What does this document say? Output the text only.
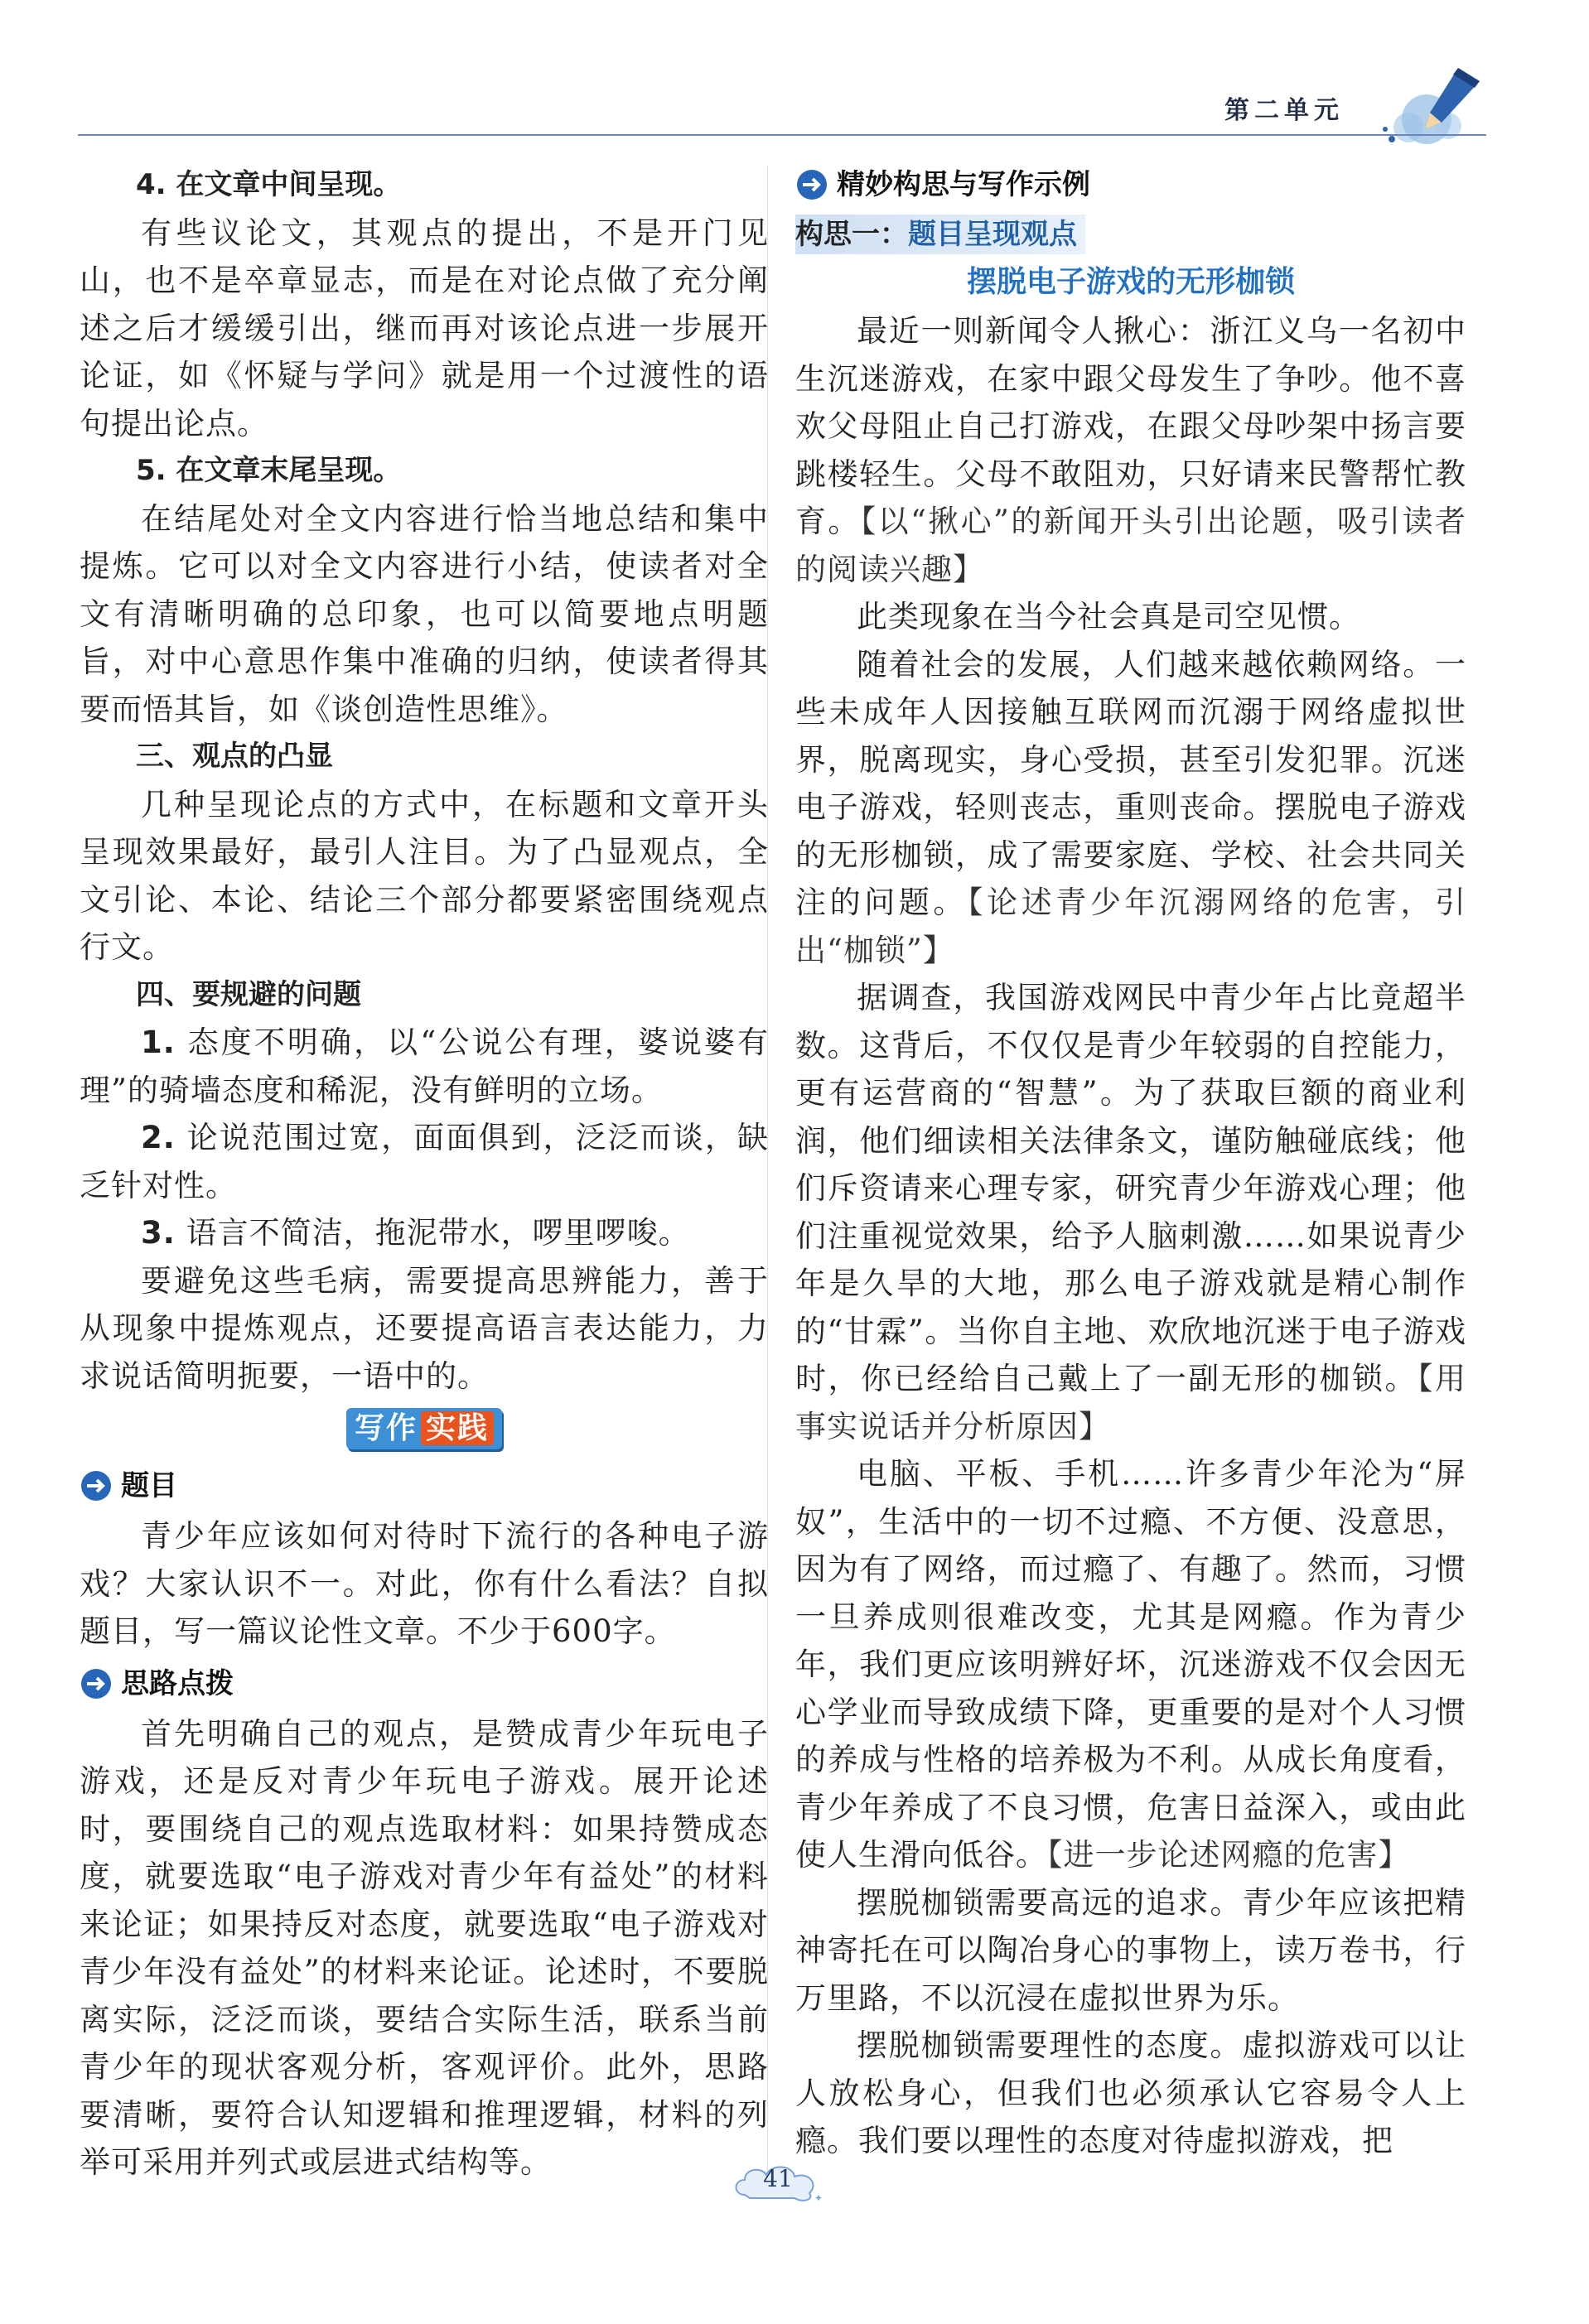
第二单元

4. 在文章中间呈现。

有些议论文，其观点的提出，不是开门见山，也不是卒章显志，而是在对论点做了充分阐述之后才缓缓引出，继而再对该论点进一步展开论证，如《怀疑与学问》就是用一个过渡性的语句提出论点。

5. 在文章末尾呈现。

在结尾处对全文内容进行恰当地总结和集中提炼。它可以对全文内容进行小结，使读者对全文有清晰明确的总印象，也可以简要地点明题旨，对中心意思作集中准确的归纳，使读者得其要而悟其旨，如《谈创造性思维》。

三、观点的凸显

几种呈现论点的方式中，在标题和文章开头呈现效果最好，最引人注目。为了凸显观点，全文引论、本论、结论三个部分都要紧密围绕观点行文。

四、要规避的问题

1. 态度不明确，以“公说公有理，婆说婆有理”的骑墙态度和稀泥，没有鲜明的立场。

2. 论说范围过宽，面面俱到，泛泛而谈，缺乏针对性。

3. 语言不简洁，拖泥带水，啰里啰唆。

要避免这些毛病，需要提高思辨能力，善于从现象中提炼观点，还要提高语言表达能力，力求说话简明扼要，一语中的。

写作 实践
题目

青少年应该如何对待时下流行的各种电子游戏？大家认识不一。对此，你有什么看法？自拟题目，写一篇议论性文章。不少于600字。

思路点拨

首先明确自己的观点，是赞成青少年玩电子游戏，还是反对青少年玩电子游戏。展开论述时，要围绕自己的观点选取材料：如果持赞成态度，就要选取“电子游戏对青少年有益处”的材料来论证；如果持反对态度，就要选取“电子游戏对青少年没有益处”的材料来论证。论述时，不要脱离实际，泛泛而谈，要结合实际生活，联系当前青少年的现状客观分析，客观评价。此外，思路要清晰，要符合认知逻辑和推理逻辑，材料的列举可采用并列式或层进式结构等。

精妙构思与写作示例
构思一：题目呈现观点

摆脱电子游戏的无形枷锁

最近一则新闻令人揪心：浙江义乌一名初中生沉迷游戏，在家中跟父母发生了争吵。他不喜欢父母阻止自己打游戏，在跟父母吵架中扬言要跳楼轻生。父母不敢阻劝，只好请来民警帮忙教育。【以“揪心”的新闻开头引出论题，吸引读者的阅读兴趣】

此类现象在当今社会真是司空见惯。

随着社会的发展，人们越来越依赖网络。一些未成年人因接触互联网而沉溺于网络虚拟世界，脱离现实，身心受损，甚至引发犯罪。沉迷电子游戏，轻则丧志，重则丧命。摆脱电子游戏的无形枷锁，成了需要家庭、学校、社会共同关注的问题。【论述青少年沉溺网络的危害，引出“枷锁”】

据调查，我国游戏网民中青少年占比竟超半数。这背后，不仅仅是青少年较弱的自控能力，更有运营商的“智慧”。为了获取巨额的商业利润，他们细读相关法律条文，谨防触碰底线；他们斥资请来心理专家，研究青少年游戏心理；他们注重视觉效果，给予人脑刺激……如果说青少年是久旱的大地，那么电子游戏就是精心制作的“甘霖”。当你自主地、欢欣地沉迷于电子游戏时，你已经给自己戴上了一副无形的枷锁。【用事实说话并分析原因】

电脑、平板、手机……许多青少年沦为“屏奴”，生活中的一切不过瘾、不方便、没意思，因为有了网络，而过瘾了、有趣了。然而，习惯一旦养成则很难改变，尤其是网瘾。作为青少年，我们更应该明辨好坏，沉迷游戏不仅会因无心学业而导致成绩下降，更重要的是对个人习惯的养成与性格的培养极为不利。从成长角度看，青少年养成了不良习惯，危害日益深入，或由此使人生滑向低谷。【进一步论述网瘾的危害】

摆脱枷锁需要高远的追求。青少年应该把精神寄托在可以陶冶身心的事物上，读万卷书，行万里路，不以沉浸在虚拟世界为乐。

摆脱枷锁需要理性的态度。虚拟游戏可以让人放松身心，但我们也必须承认它容易令人上瘾。我们要以理性的态度对待虚拟游戏，把

✦
41
